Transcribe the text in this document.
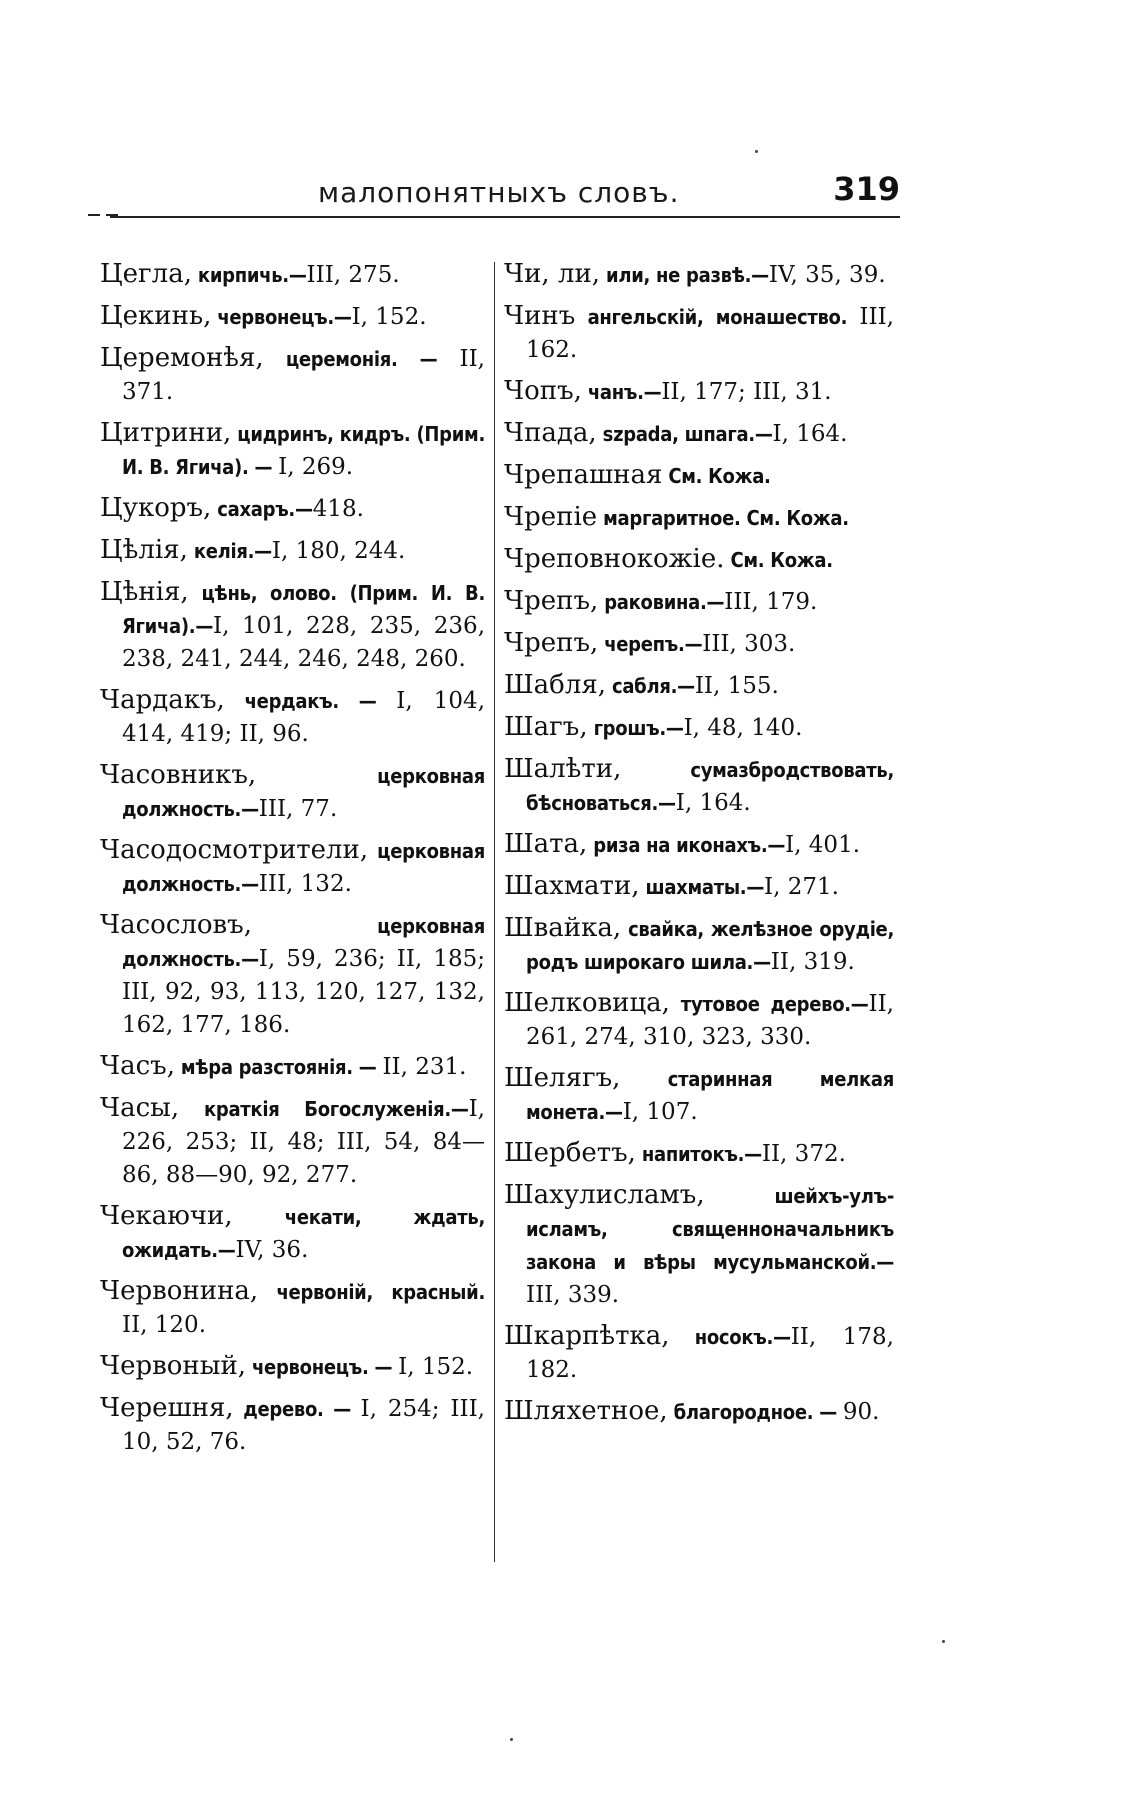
малопонятныхъ словъ.	319

Цегла, кирпичь.—III, 275.

Цекинь, червонецъ.—I, 152.

Церемонѣя, церемонія. — II, 371.

Цитрини, цидринъ, кидръ. (Прим. И. В. Ягича). — I, 269.

Цукоръ, сахаръ.—418.

Цѣлія, келія.—I, 180, 244.

Цѣнія, цѣнь, олово. (Прим. И. В. Ягича).—I, 101, 228, 235, 236, 238, 241, 244, 246, 248, 260.

Чардакъ, чердакъ. — I, 104, 414, 419; II, 96.

Часовникъ, церковная должность.—III, 77.

Часодосмотрители, церковная должность.—III, 132.

Часословъ, церковная должность.—I, 59, 236; II, 185; III, 92, 93, 113, 120, 127, 132, 162, 177, 186.

Часъ, мѣра разстоянія. — II, 231.

Часы, краткія Богослуженія.—I, 226, 253; II, 48; III, 54, 84—86, 88—90, 92, 277.

Чекаючи, чекати, ждать, ожидать.—IV, 36.

Червонина, червоній, красный. II, 120.

Червоный, червонецъ. — I, 152.

Черешня, дерево. — I, 254; III, 10, 52, 76.

Чи, ли, или, не развѣ.—IV, 35, 39.

Чинъ ангельскій, монашество. III, 162.

Чопъ, чанъ.—II, 177; III, 31.

Чпада, szpada, шпага.—I, 164.

Чрепашная См. Кожа.

Чрепіе маргаритное. См. Кожа.

Чреповнокожіе. См. Кожа.

Чрепъ, раковина.—III, 179.

Чрепъ, черепъ.—III, 303.

Шабля, сабля.—II, 155.

Шагъ, грошъ.—I, 48, 140.

Шалѣти, сумазбродствовать, бѣсноваться.—I, 164.

Шата, риза на иконахъ.—I, 401.

Шахмати, шахматы.—I, 271.

Швайка, свайка, желѣзное орудіе, родъ широкаго шила.—II, 319.

Шелковица, тутовое дерево.—II, 261, 274, 310, 323, 330.

Шелягъ, старинная мелкая монета.—I, 107.

Шербетъ, напитокъ.—II, 372.

Шахулисламъ, шейхъ-улъ-исламъ, священноначальникъ закона и вѣры мусульманской.—III, 339.

Шкарпѣтка, носокъ.—II, 178, 182.

Шляхетное, благородное. — 90.
